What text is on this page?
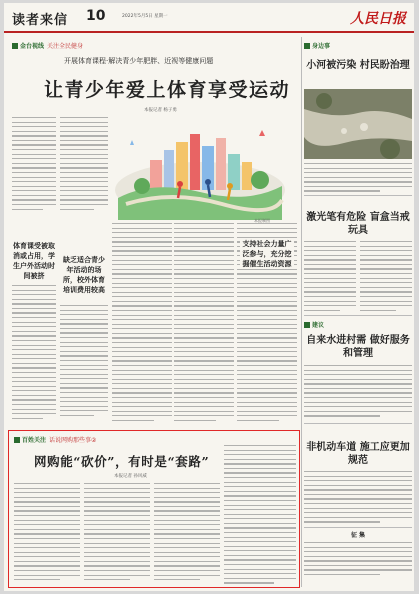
读者来信 10	2022年5月5日 星期一	人民日报
金台视线 关注全民健身
开展体育课程·解决青少年肥胖、近视等健康问题
让青少年爱上体育享受运动
本报记者 杨子勇
本报制图
体育课受被取消或占用，学生户外活动时间被挤
缺乏适合青少年活动的场所，校外体育培训费用较高
支持社会力量广泛参与，充分挖掘催生活动资源
身边事
小河被污染 村民盼治理
激光笔有危险 盲盒当戒玩具
建议
自来水进村需 做好服务和管理
非机动车道 施工应更加规范
征 集
百姓关注 话说网购那些事②
网购能“砍价”，有时是“套路”
本报记者 孙风威
